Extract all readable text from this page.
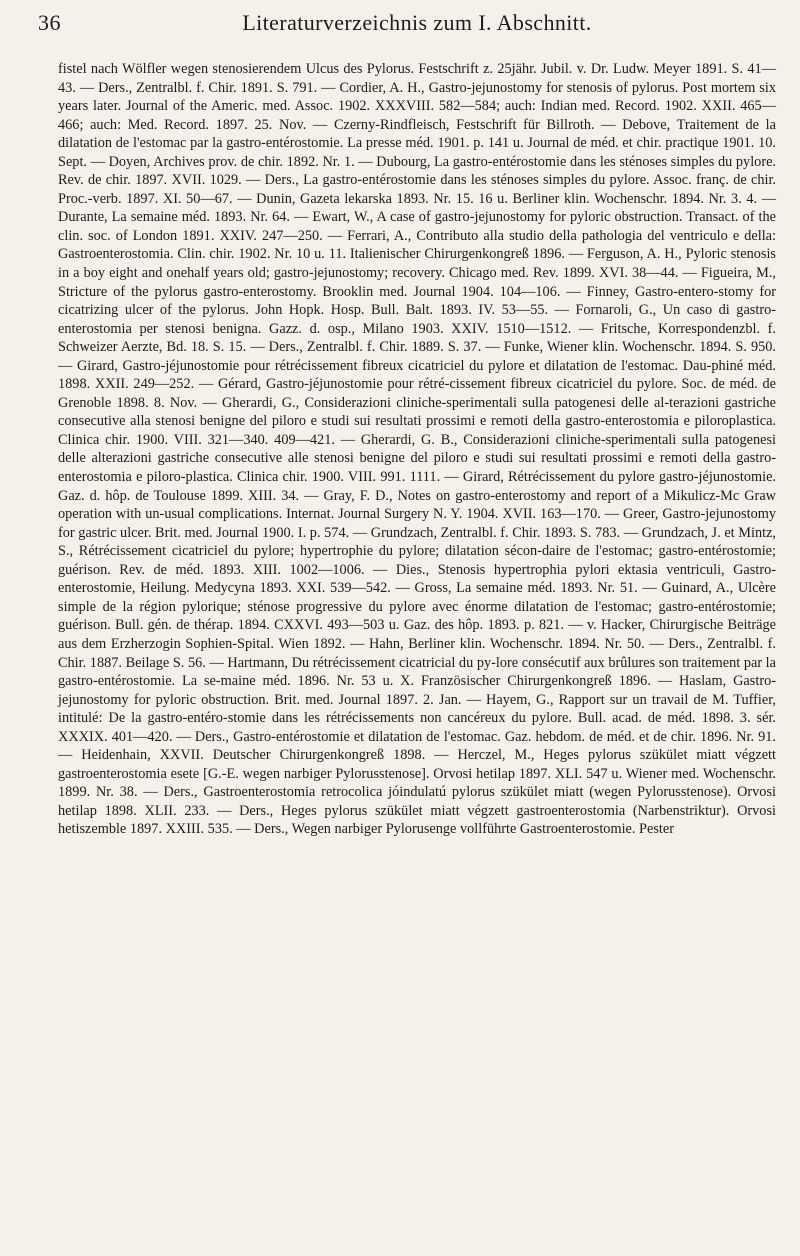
36	Literaturverzeichnis zum I. Abschnitt.

fistel nach Wölfler wegen stenosierendem Ulcus des Pylorus. Festschrift z. 25jähr. Jubil. v. Dr. Ludw. Meyer 1891. S. 41—43. — Ders., Zentralbl. f. Chir. 1891. S. 791. — Cordier, A. H., Gastro-jejunostomy for stenosis of pylorus. Post mortem six years later. Journal of the Americ. med. Assoc. 1902. XXXVIII. 582—584; auch: Indian med. Record. 1902. XXII. 465—466; auch: Med. Record. 1897. 25. Nov. — Czerny-Rindfleisch, Festschrift für Billroth. — Debove, Traitement de la dilatation de l'estomac par la gastro-entérostomie. La presse méd. 1901. p. 141 u. Journal de méd. et chir. practique 1901. 10. Sept. — Doyen, Archives prov. de chir. 1892. Nr. 1. — Dubourg, La gastro-entérostomie dans les sténoses simples du pylore. Rev. de chir. 1897. XVII. 1029. — Ders., La gastro-entérostomie dans les sténoses simples du pylore. Assoc. franç. de chir. Proc.-verb. 1897. XI. 50—67. — Dunin, Gazeta lekarska 1893. Nr. 15. 16 u. Berliner klin. Wochenschr. 1894. Nr. 3. 4. — Durante, La semaine méd. 1893. Nr. 64. — Ewart, W., A case of gastro-jejunostomy for pyloric obstruction. Transact. of the clin. soc. of London 1891. XXIV. 247—250. — Ferrari, A., Contributo alla studio della pathologia del ventriculo e della: Gastroenterostomia. Clin. chir. 1902. Nr. 10 u. 11. Italienischer Chirurgenkongreß 1896. — Ferguson, A. H., Pyloric stenosis in a boy eight and onehalf years old; gastro-jejunostomy; recovery. Chicago med. Rev. 1899. XVI. 38—44. — Figueira, M., Stricture of the pylorus gastro-enterostomy. Brooklin med. Journal 1904. 104—106. — Finney, Gastro-entero-stomy for cicatrizing ulcer of the pylorus. John Hopk. Hosp. Bull. Balt. 1893. IV. 53—55. — Fornaroli, G., Un caso di gastro-enterostomia per stenosi benigna. Gazz. d. osp., Milano 1903. XXIV. 1510—1512. — Fritsche, Korrespondenzbl. f. Schweizer Aerzte, Bd. 18. S. 15. — Ders., Zentralbl. f. Chir. 1889. S. 37. — Funke, Wiener klin. Wochenschr. 1894. S. 950. — Girard, Gastro-jéjunostomie pour rétrécissement fibreux cicatriciel du pylore et dilatation de l'estomac. Dau-phiné méd. 1898. XXII. 249—252. — Gérard, Gastro-jéjunostomie pour rétré-cissement fibreux cicatriciel du pylore. Soc. de méd. de Grenoble 1898. 8. Nov. — Gherardi, G., Considerazioni cliniche-sperimentali sulla patogenesi delle al-terazioni gastriche consecutive alla stenosi benigne del piloro e studi sui resultati prossimi e remoti della gastro-enterostomia e piloroplastica. Clinica chir. 1900. VIII. 321—340. 409—421. — Gherardi, G. B., Considerazioni cliniche-sperimentali sulla patogenesi delle alterazioni gastriche consecutive alle stenosi benigne del piloro e studi sui resultati prossimi e remoti della gastro-enterostomia e piloro-plastica. Clinica chir. 1900. VIII. 991. 1111. — Girard, Rétrécissement du pylore gastro-jéjunostomie. Gaz. d. hôp. de Toulouse 1899. XIII. 34. — Gray, F. D., Notes on gastro-enterostomy and report of a Mikulicz-Mc Graw operation with un-usual complications. Internat. Journal Surgery N. Y. 1904. XVII. 163—170. — Greer, Gastro-jejunostomy for gastric ulcer. Brit. med. Journal 1900. I. p. 574. — Grundzach, Zentralbl. f. Chir. 1893. S. 783. — Grundzach, J. et Mintz, S., Rétrécissement cicatriciel du pylore; hypertrophie du pylore; dilatation sécon-daire de l'estomac; gastro-entérostomie; guérison. Rev. de méd. 1893. XIII. 1002—1006. — Dies., Stenosis hypertrophia pylori ektasia ventriculi, Gastro-enterostomie, Heilung. Medycyna 1893. XXI. 539—542. — Gross, La semaine méd. 1893. Nr. 51. — Guinard, A., Ulcère simple de la région pylorique; sténose progressive du pylore avec énorme dilatation de l'estomac; gastro-entérostomie; guérison. Bull. gén. de thérap. 1894. CXXVI. 493—503 u. Gaz. des hôp. 1893. p. 821. — v. Hacker, Chirurgische Beiträge aus dem Erzherzogin Sophien-Spital. Wien 1892. — Hahn, Berliner klin. Wochenschr. 1894. Nr. 50. — Ders., Zentralbl. f. Chir. 1887. Beilage S. 56. — Hartmann, Du rétrécissement cicatricial du py-lore consécutif aux brûlures son traitement par la gastro-entérostomie. La se-maine méd. 1896. Nr. 53 u. X. Französischer Chirurgenkongreß 1896. — Haslam, Gastro-jejunostomy for pyloric obstruction. Brit. med. Journal 1897. 2. Jan. — Hayem, G., Rapport sur un travail de M. Tuffier, intitulé: De la gastro-entéro-stomie dans les rétrécissements non cancéreux du pylore. Bull. acad. de méd. 1898. 3. sér. XXXIX. 401—420. — Ders., Gastro-entérostomie et dilatation de l'estomac. Gaz. hebdom. de méd. et de chir. 1896. Nr. 91. — Heidenhain, XXVII. Deutscher Chirurgenkongreß 1898. — Herczel, M., Heges pylorus szükület miatt végzett gastroenterostomia esete [G.-E. wegen narbiger Pylorusstenose]. Orvosi hetilap 1897. XLI. 547 u. Wiener med. Wochenschr. 1899. Nr. 38. — Ders., Gastroenterostomia retrocolica jóindulatú pylorus szükület miatt (wegen Pylorusstenose). Orvosi hetilap 1898. XLII. 233. — Ders., Heges pylorus szükület miatt végzett gastroenterostomia (Narbenstriktur). Orvosi hetiszemble 1897. XXIII. 535. — Ders., Wegen narbiger Pylorusenge vollführte Gastroenterostomie. Pester
